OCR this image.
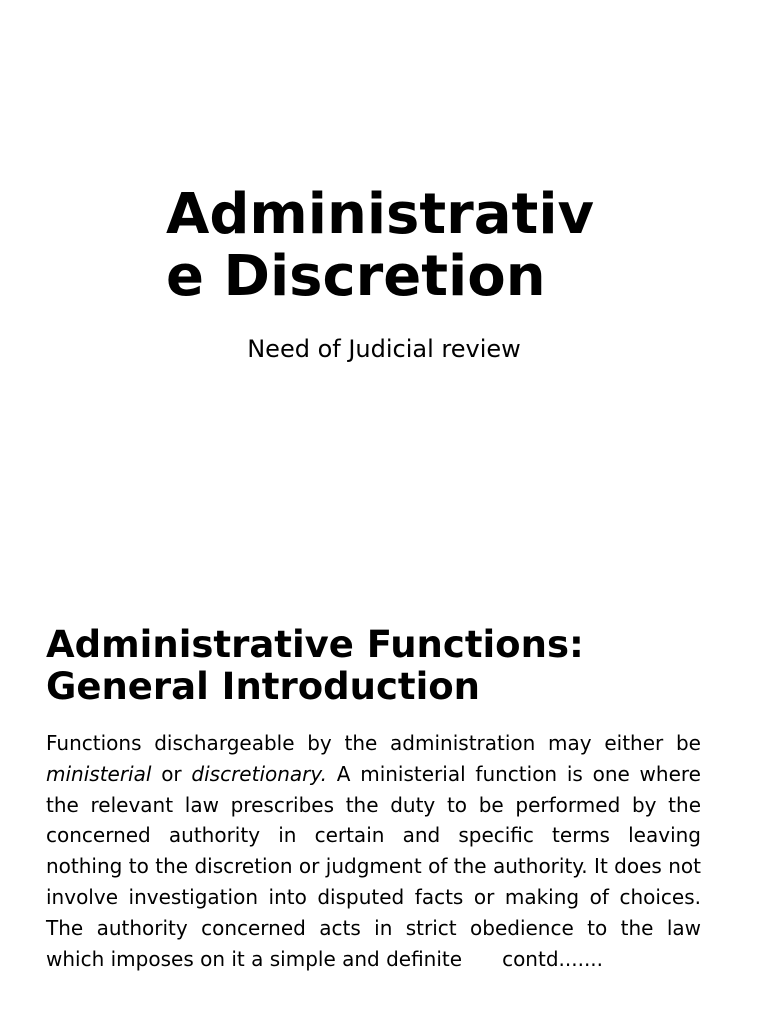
Administrative Discretion

Need of Judicial review

Administrative Functions:
General Introduction

Functions dischargeable by the administration may either be ministerial or discretionary. A ministerial function is one where the relevant law prescribes the duty to be performed by the concerned authority in certain and specific terms leaving nothing to the discretion or judgment of the authority. It does not involve investigation into disputed facts or making of choices. The authority concerned acts in strict obedience to the law which imposes on it a simple and definite contd.......
